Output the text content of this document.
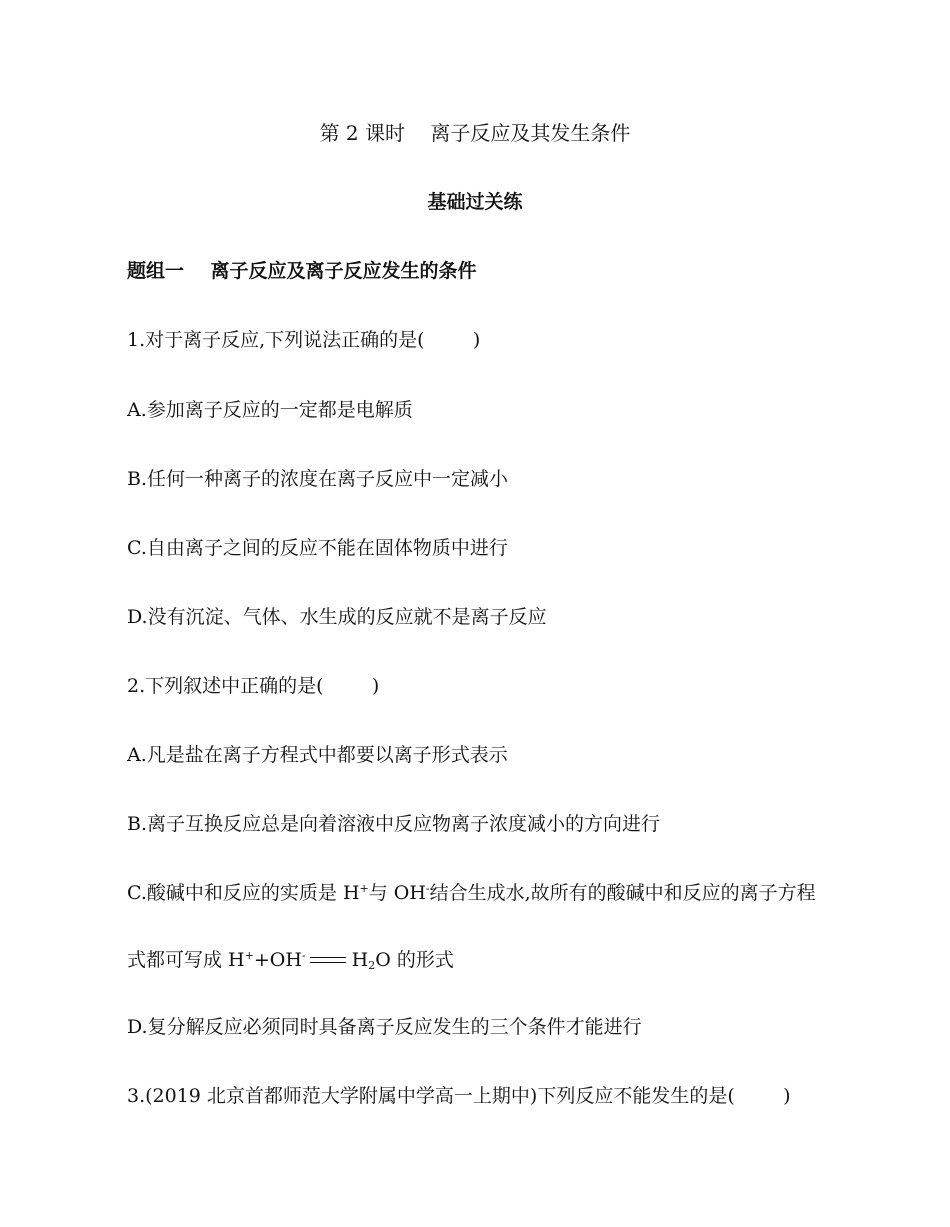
第 2 课时    离子反应及其发生条件
基础过关练
题组一    离子反应及离子反应发生的条件
1.对于离子反应,下列说法正确的是(        )
A.参加离子反应的一定都是电解质
B.任何一种离子的浓度在离子反应中一定减小
C.自由离子之间的反应不能在固体物质中进行
D.没有沉淀、气体、水生成的反应就不是离子反应
2.下列叙述中正确的是(        )
A.凡是盐在离子方程式中都要以离子形式表示
B.离子互换反应总是向着溶液中反应物离子浓度减小的方向进行
C.酸碱中和反应的实质是 H+与 OH-结合生成水,故所有的酸碱中和反应的离子方程
式都可写成 H++OH- $H_2O$ 的形式
D.复分解反应必须同时具备离子反应发生的三个条件才能进行
3.(2019 北京首都师范大学附属中学高一上期中)下列反应不能发生的是(        )
